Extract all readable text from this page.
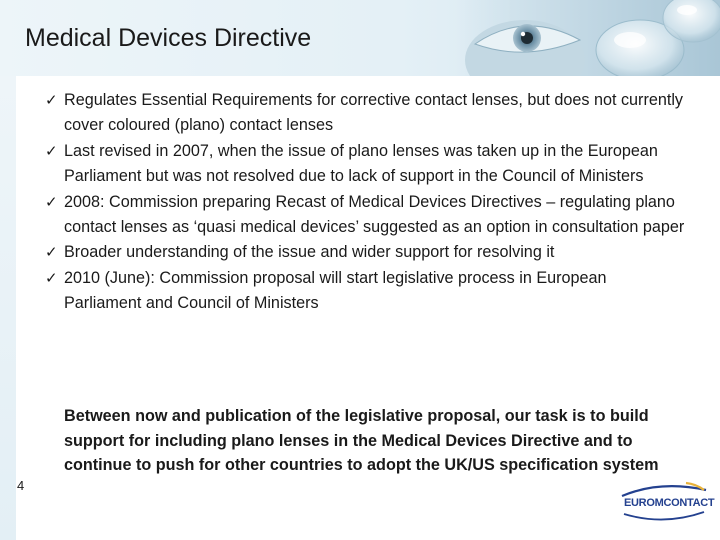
Medical Devices Directive
✓ Regulates Essential Requirements for corrective contact lenses, but does not currently cover coloured (plano) contact lenses
✓ Last revised in 2007, when the issue of plano lenses was taken up in the European Parliament but was not resolved due to lack of support in the Council of Ministers
✓ 2008: Commission preparing Recast of Medical Devices Directives – regulating plano contact lenses as ‘quasi medical devices’ suggested as an option in consultation paper
✓ Broader understanding of the issue and wider support for resolving it
✓ 2010 (June): Commission proposal will start legislative process in European Parliament and Council of Ministers

Between now and publication of the legislative proposal, our task is to build support for including plano lenses in the Medical Devices Directive and to continue to push for other countries to adopt the UK/US specification system

4
EUROMCONTACT
